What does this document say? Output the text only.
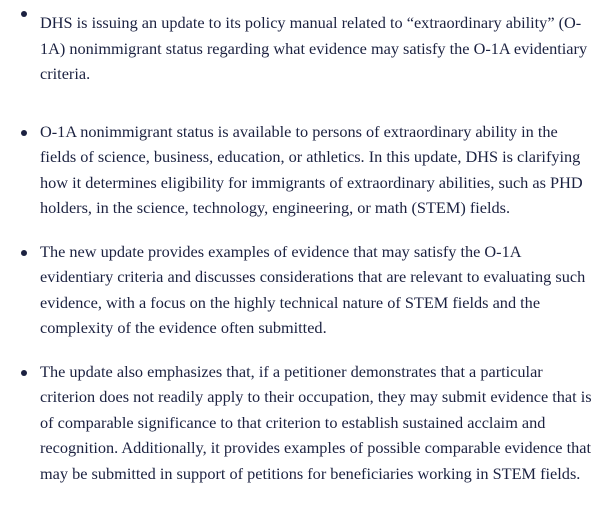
DHS is issuing an update to its policy manual related to “extraordinary ability” (O-1A) nonimmigrant status regarding what evidence may satisfy the O-1A evidentiary criteria.
O-1A nonimmigrant status is available to persons of extraordinary ability in the fields of science, business, education, or athletics. In this update, DHS is clarifying how it determines eligibility for immigrants of extraordinary abilities, such as PHD holders, in the science, technology, engineering, or math (STEM) fields.
The new update provides examples of evidence that may satisfy the O-1A evidentiary criteria and discusses considerations that are relevant to evaluating such evidence, with a focus on the highly technical nature of STEM fields and the complexity of the evidence often submitted.
The update also emphasizes that, if a petitioner demonstrates that a particular criterion does not readily apply to their occupation, they may submit evidence that is of comparable significance to that criterion to establish sustained acclaim and recognition. Additionally, it provides examples of possible comparable evidence that may be submitted in support of petitions for beneficiaries working in STEM fields.
